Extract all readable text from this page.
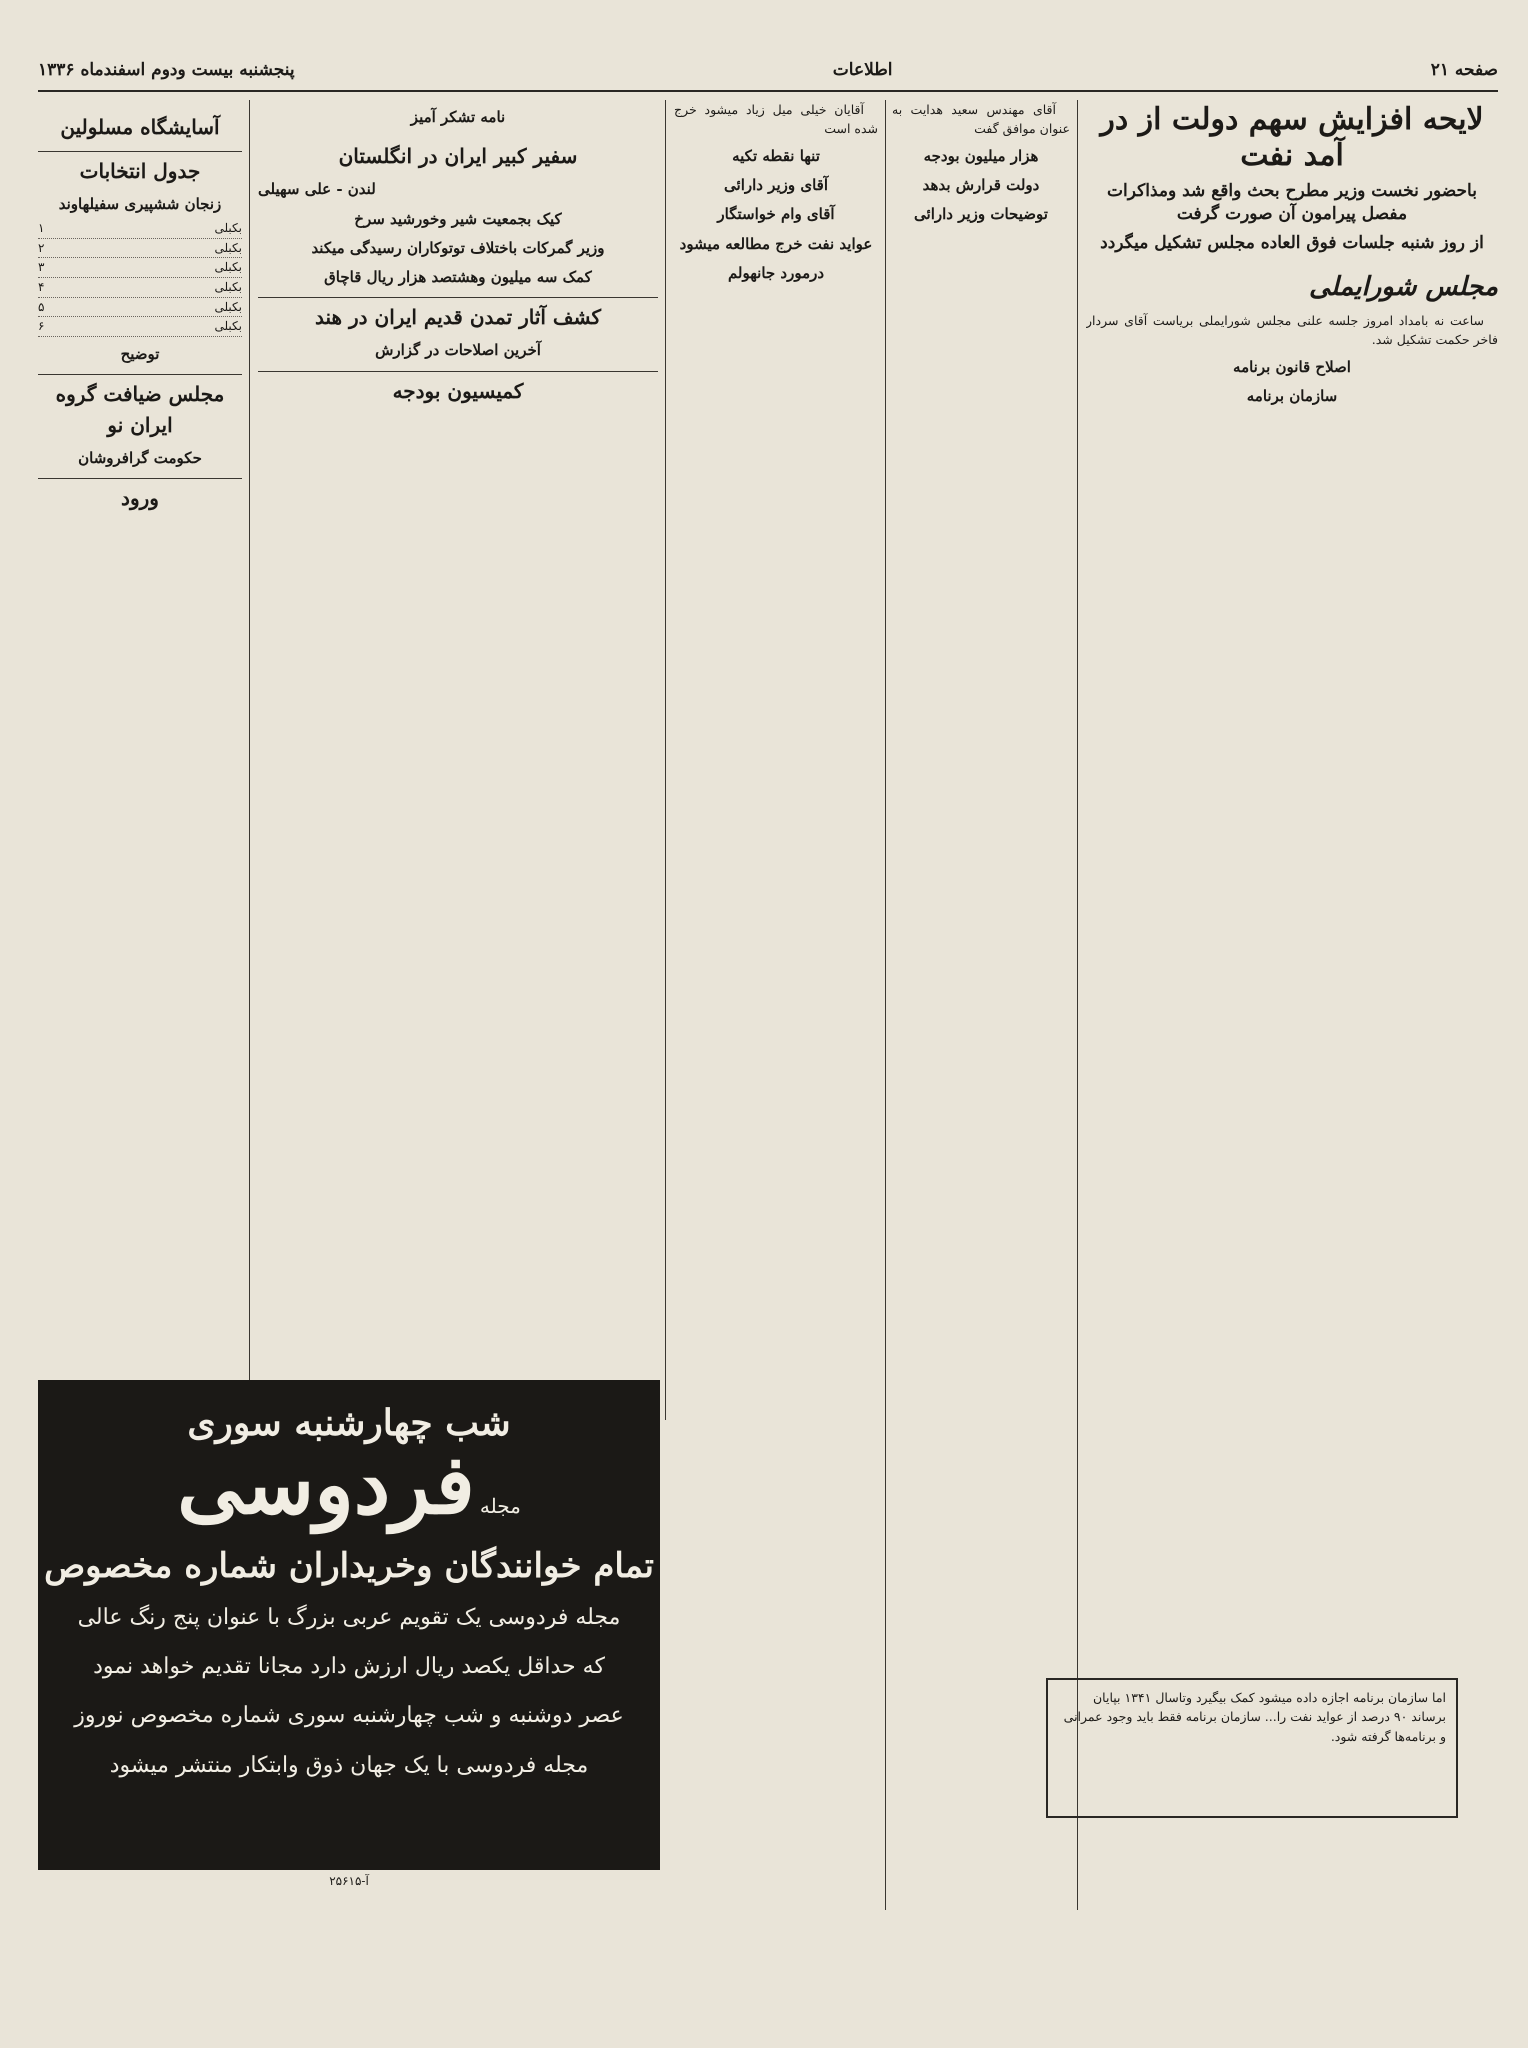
صفحه ۲۱
اطلاعات
پنجشنبه بیست ودوم اسفندماه ۱۳۳۶
لایحه افزایش سهم دولت از در آمد نفت
باحضور نخست وزیر مطرح بحث واقع شد ومذاکرات مفصل پیرامون آن صورت گرفت
از روز شنبه جلسات فوق العاده مجلس تشکیل میگردد
مجلس شورایملی

ساعت نه بامداد امروز جلسه علنی مجلس شورایملی بریاست آقای سردار فاخر حکمت تشکیل شد.

اصلاح قانون برنامه
سازمان برنامه

آقای مهندس سعید هدایت به عنوان موافق گفت

هزار میلیون بودجه
دولت قرارش بدهد
توضیحات وزیر دارائی

آقایان خیلی میل زیاد میشود خرج شده است

تنها نقطه تکیه
آقای وزیر دارائی
آقای وام خواستگار
عواید نفت خرج مطالعه میشود
درمورد جانهولم
نامه تشکر آمیز
سفیر کبیر ایران در انگلستان
لندن - علی سهیلی
کیک بجمعیت شیر وخورشید سرخ
وزیر گمرکات باختلاف توتوکاران رسیدگی میکند
کمک سه میلیون وهشتصد هزار ریال قاچاق
کشف آثار تمدن قدیم ایران در هند
آخرین اصلاحات در گزارش
کمیسیون بودجه
آسایشگاه مسلولین
جدول انتخابات
زنجان ششپیری سفیلهاوند
بکبلی
۱
بکبلی
۲
بکبلی
۳
بکبلی
۴
بکبلی
۵
بکبلی
۶
توضیح
مجلس ضیافت گروه ایران نو
حکومت گرافروشان
ورود
شب چهارشنبه سوری
مجله فردوسی
تمام خوانندگان وخریداران شماره مخصوص
مجله فردوسی یک تقویم عربی بزرگ با عنوان پنج رنگ عالی
که حداقل یکصد ریال ارزش دارد مجانا تقدیم خواهد نمود
عصر دوشنبه و شب چهارشنبه سوری شماره مخصوص نوروز
مجله فردوسی با یک جهان ذوق وابتکار منتشر میشود
آ-۲۵۶۱۵
اما سازمان برنامه اجازه داده میشود کمک بیگیرد وتاسال ۱۳۴۱ بپایان برساند ۹۰ درصد از عواید نفت را... سازمان برنامه فقط باید وجود عمرانی و برنامه‌ها گرفته شود.
